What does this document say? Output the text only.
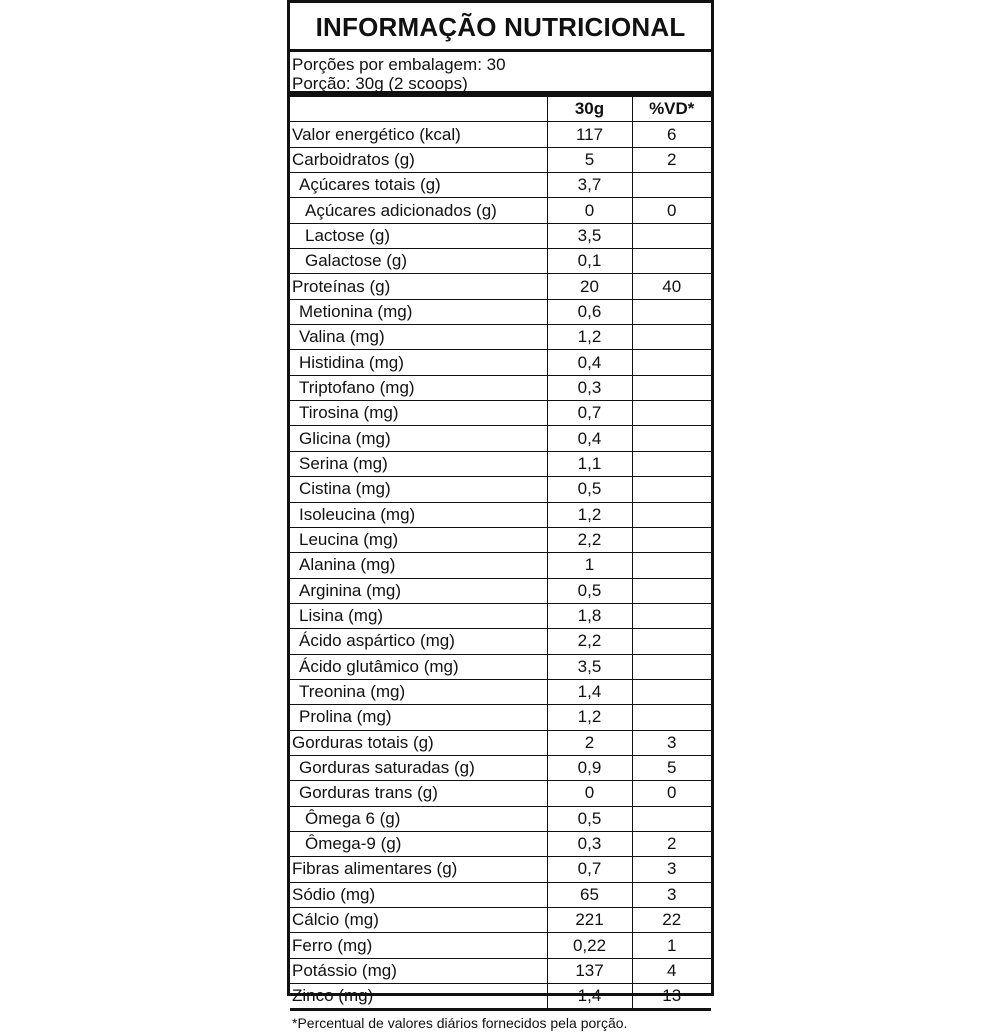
INFORMAÇÃO NUTRICIONAL
Porções por embalagem: 30
Porção: 30g (2 scoops)
	30g	%VD*
Valor energético (kcal)	117	6
Carboidratos (g)	5	2
Açúcares totais (g)	3,7	
Açúcares adicionados (g)	0	0
Lactose (g)	3,5	
Galactose (g)	0,1	
Proteínas (g)	20	40
Metionina (mg)	0,6	
Valina (mg)	1,2	
Histidina (mg)	0,4	
Triptofano (mg)	0,3	
Tirosina (mg)	0,7	
Glicina (mg)	0,4	
Serina (mg)	1,1	
Cistina (mg)	0,5	
Isoleucina (mg)	1,2	
Leucina (mg)	2,2	
Alanina (mg)	1	
Arginina (mg)	0,5	
Lisina (mg)	1,8	
Ácido aspártico (mg)	2,2	
Ácido glutâmico (mg)	3,5	
Treonina (mg)	1,4	
Prolina (mg)	1,2	
Gorduras totais (g)	2	3
Gorduras saturadas (g)	0,9	5
Gorduras trans (g)	0	0
Ômega 6 (g)	0,5	
Ômega-9 (g)	0,3	2
Fibras alimentares (g)	0,7	3
Sódio (mg)	65	3
Cálcio (mg)	221	22
Ferro (mg)	0,22	1
Potássio (mg)	137	4
Zinco (mg)	1,4	13
*Percentual de valores diários fornecidos pela porção.
